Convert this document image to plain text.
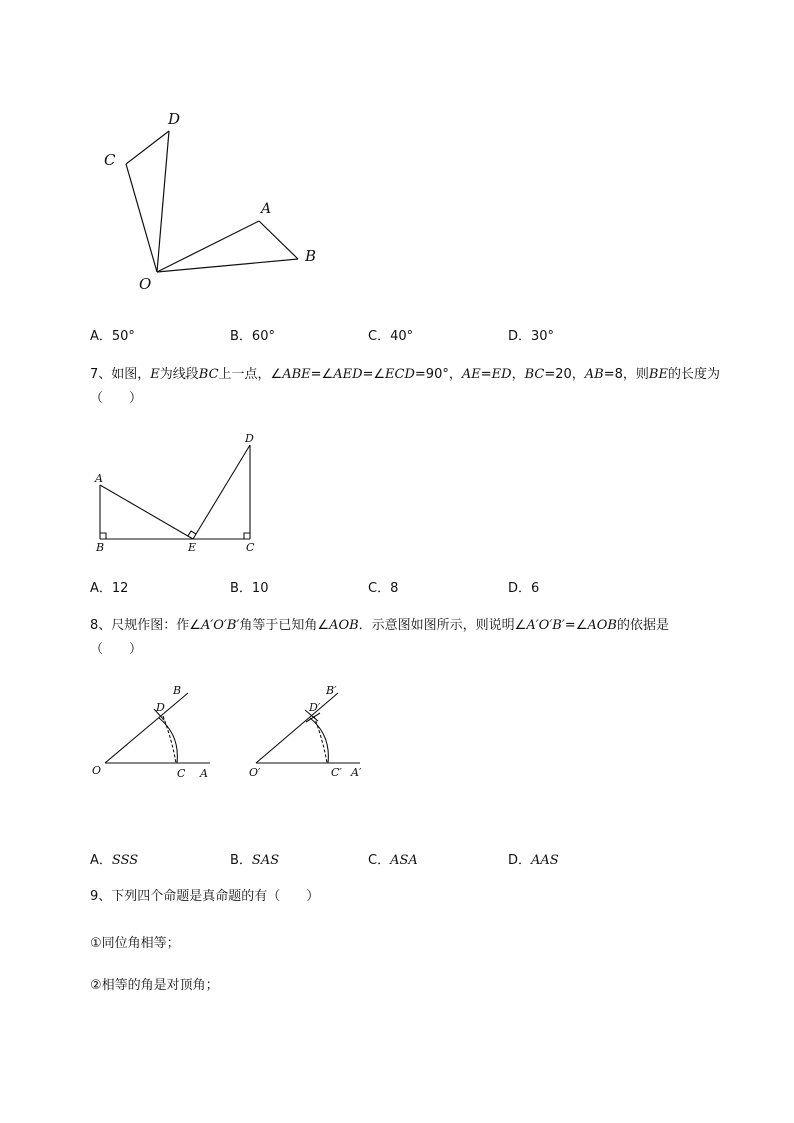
D
C
A
B
O
A．50°	B．60°	C．40°	D．30°
7、如图，E为线段BC上一点，∠ABE=∠AED=∠ECD=90°，AE=ED，BC=20，AB=8，则BE的长度为
（　　）
A
B
D
E	C
A．12	B．10	C．8	D．6
8、尺规作图：作∠A′O′B′角等于已知角∠AOB．示意图如图所示，则说明∠A′O′B′=∠AOB的依据是
（　　）
B
D
O	C A
B′
D′
O′	C′ A′
A．SSS	B．SAS	C．ASA	D．AAS
9、下列四个命题是真命题的有（　　）
①同位角相等；
②相等的角是对顶角；
